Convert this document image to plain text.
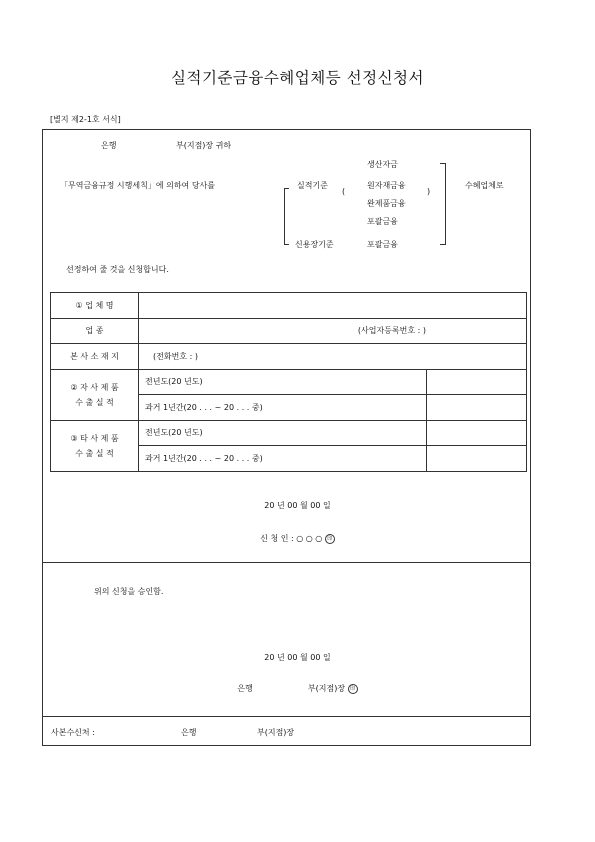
실적기준금융수혜업체등 선정신청서
[별지 제2-1호 서식]
은행	부(지점)장 귀하
「무역금융규정 시행세칙」에 의하여 당사를	실적기준
(	)
생산자금
원자재금융
완제품금융
포괄금융
수혜업체로
신용장기준	포괄금융
선정하여 줄 것을 신청합니다.
① 업 체 명		
업 종	(사업자등록번호 : )	
본 사 소 재 지	(전화번호 : )	

② 자 사 제 품
수 출 실 적	전년도(20 년도)	
	과거 1년간(20 . . . ~ 20 . . . 중)	

③ 타 사 제 품
수 출 실 적	전년도(20 년도)	
	과거 1년간(20 . . . ~ 20 . . . 중)	
20 년 00 월 00 일
신 청 인 : ○ ○ ○ 印
위의 신청을 승인함.
20 년 00 월 00 일
은행	부(지점)장 印
사본수신처 :	은행	부(지점)장
